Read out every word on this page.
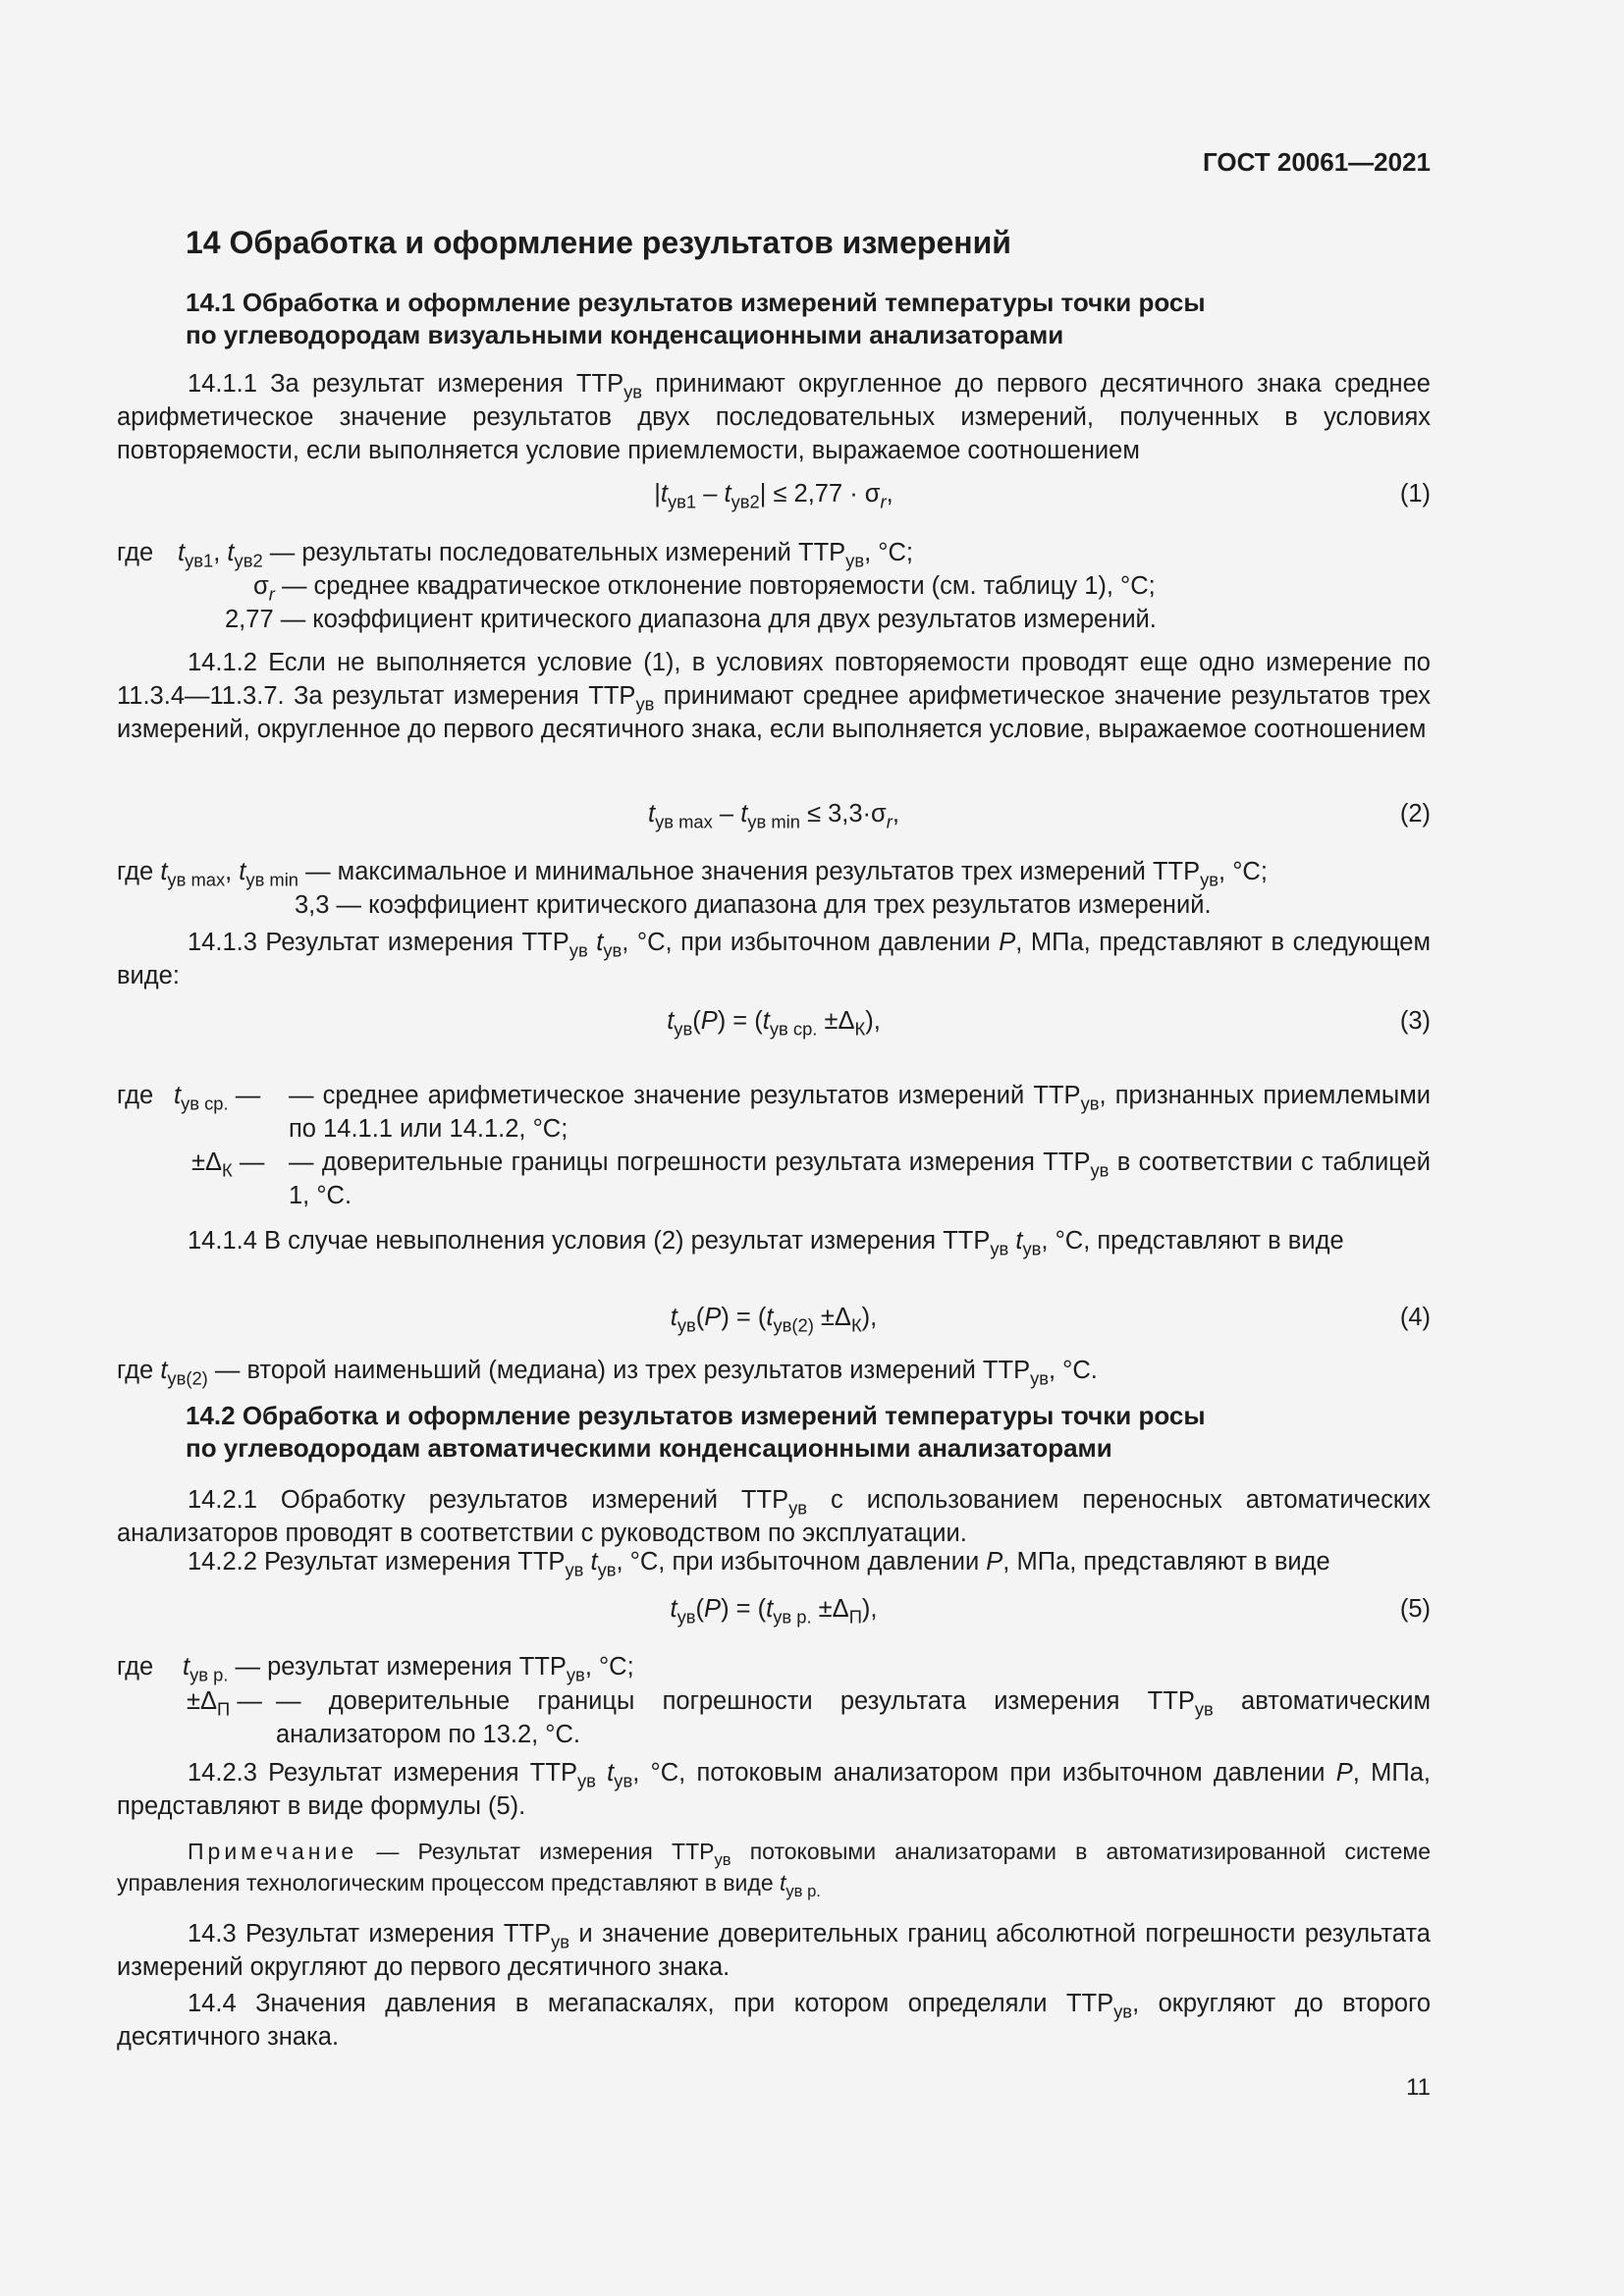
ГОСТ 20061—2021
14 Обработка и оформление результатов измерений
14.1 Обработка и оформление результатов измерений температуры точки росы
по углеводородам визуальными конденсационными анализаторами

14.1.1 За результат измерения $ТТР_{ув}$ принимают округленное до первого десятичного знака среднее арифметическое значение результатов двух последовательных измерений, полученных в условиях повторяемости, если выполняется условие приемлемости, выражаемое соотношением

$|t_{ув1} - t_{ув2}| \le 2,77 \cdot \sigma_r$,	(1)
где $t_{ув1}$, $t_{ув2}$ — результаты последовательных измерений $ТТР_{ув}$, °C;
$\sigma_r$ — среднее квадратическое отклонение повторяемости (см. таблицу 1), °C;
2,77 — коэффициент критического диапазона для двух результатов измерений.

14.1.2 Если не выполняется условие (1), в условиях повторяемости проводят еще одно измерение по 11.3.4—11.3.7. За результат измерения $ТТР_{ув}$ принимают среднее арифметическое значение результатов трех измерений, округленное до первого десятичного знака, если выполняется условие, выражаемое соотношением

$t_{ув max} - t_{ув min} \le 3,3\cdot\sigma_r$,	(2)
где $t_{ув max}$, $t_{ув min}$ — максимальное и минимальное значения результатов трех измерений $ТТР_{ув}$, °C;
3,3 — коэффициент критического диапазона для трех результатов измерений.

14.1.3 Результат измерения $ТТР_{ув}$ $t_{ув}$, °C, при избыточном давлении P, МПа, представляют в следующем виде:

$t_{ув}(P) = (t_{ув ср.} \pm\Delta_К)$,	(3)
где $t_{ув ср.}$ — — среднее арифметическое значение результатов измерений $ТТР_{ув}$, признанных приемлемыми по 14.1.1 или 14.1.2, °C;

$\pm\Delta_К$ — — доверительные границы погрешности результата измерения $ТТР_{ув}$ в соответствии с таблицей 1, °C.

14.1.4 В случае невыполнения условия (2) результат измерения $ТТР_{ув}$ $t_{ув}$, °C, представляют в виде

$t_{ув}(P) = (t_{ув(2)} \pm\Delta_К)$,	(4)
где $t_{ув(2)}$ — второй наименьший (медиана) из трех результатов измерений $ТТР_{ув}$, °C.
14.2 Обработка и оформление результатов измерений температуры точки росы
по углеводородам автоматическими конденсационными анализаторами

14.2.1 Обработку результатов измерений $ТТР_{ув}$ с использованием переносных автоматических анализаторов проводят в соответствии с руководством по эксплуатации.

14.2.2 Результат измерения $ТТР_{ув}$ $t_{ув}$, °C, при избыточном давлении P, МПа, представляют в виде

$t_{ув}(P) = (t_{ув р.} \pm\Delta_П)$,	(5)
где $t_{ув р.}$ — результат измерения $ТТР_{ув}$, °C;
$\pm\Delta_П$ — — доверительные границы погрешности результата измерения $ТТР_{ув}$ автоматическим анализатором по 13.2, °C.

14.2.3 Результат измерения $ТТР_{ув}$ $t_{ув}$, °C, потоковым анализатором при избыточном давлении P, МПа, представляют в виде формулы (5).

Примечание — Результат измерения $ТТР_{ув}$ потоковыми анализаторами в автоматизированной системе управления технологическим процессом представляют в виде $t_{ув р.}$

14.3 Результат измерения $ТТР_{ув}$ и значение доверительных границ абсолютной погрешности результата измерений округляют до первого десятичного знака.

14.4 Значения давления в мегапаскалях, при котором определяли $ТТР_{ув}$, округляют до второго десятичного знака.

11
